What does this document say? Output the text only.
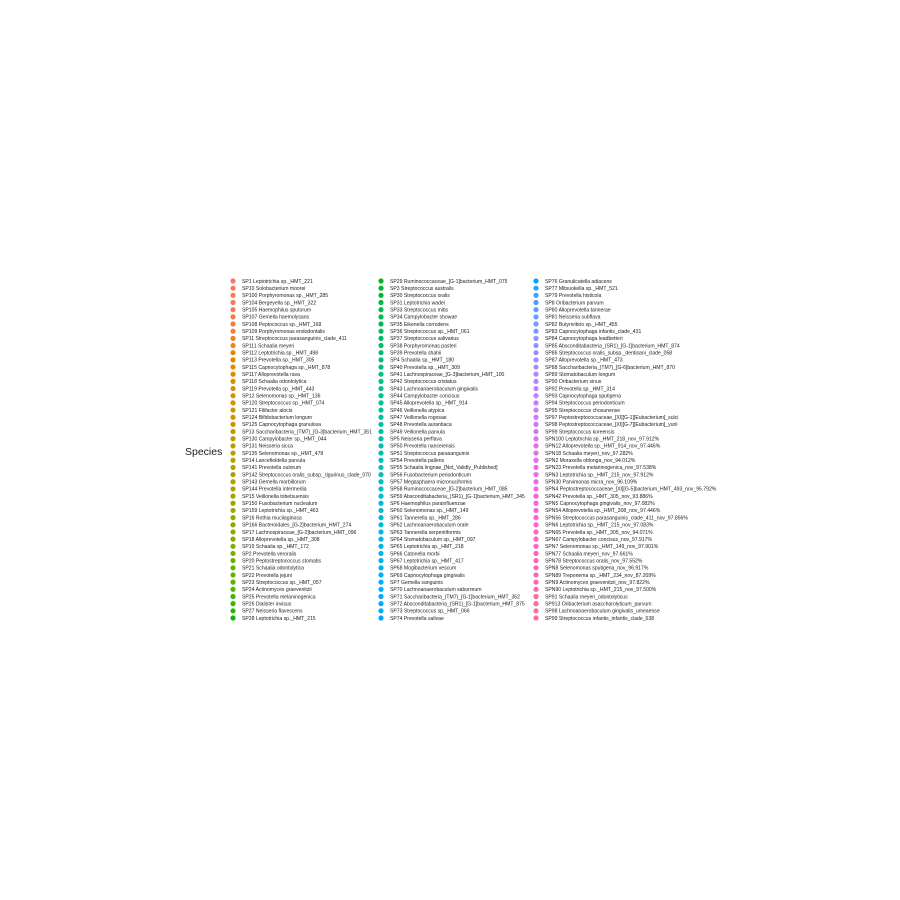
Species
SP1 Leptotrichia sp._HMT_221
SP10 Solobacterium moorei
SP100 Porphyromonas sp._HMT_285
SP104 Bergeyella sp._HMT_322
SP105 Haemophilus sputorum
SP107 Gemella haemolysans
SP108 Peptococcus sp._HMT_168
SP109 Porphyromonas endodontalis
SP11 Streptococcus parasanguinis_clade_411
SP111 Schaalia meyeri
SP112 Leptotrichia sp._HMT_498
SP113 Prevotella sp._HMT_305
SP115 Capnocytophaga sp._HMT_878
SP117 Alloprevotella rava
SP118 Schaalia odontolytica
SP119 Prevotella sp._HMT_443
SP12 Selenomonas sp._HMT_136
SP120 Streptococcus sp._HMT_074
SP121 Filifactor alocis
SP124 Bifidobacterium longum
SP125 Capnocytophaga granulosa
SP13 Saccharibacteria_(TM7)_[G-3]bacterium_HMT_351
SP130 Campylobacter sp._HMT_044
SP131 Neisseria sicca
SP135 Selenomonas sp._HMT_478
SP14 Lancefieldella parvula
SP141 Prevotella oulorum
SP142 Streptococcus oralis_subsp._tigurinus_clade_070
SP143 Gemella morbillorum
SP144 Prevotella intermedia
SP15 Veillonella tobetsuensis
SP150 Fusobacterium nucleatum
SP159 Leptotrichia sp._HMT_463
SP16 Rothia mucilaginosa
SP166 Bacteroidales_[G-2]bacterium_HMT_274
SP17 Lachnospiraceae_[G-2]bacterium_HMT_096
SP18 Alloprevotella sp._HMT_308
SP19 Schaalia sp._HMT_172
SP2 Prevotella veroralis
SP20 Peptostreptococcus stomatis
SP21 Schaalia odontolytica
SP22 Prevotella jejuni
SP23 Streptococcus sp._HMT_057
SP24 Actinomyces graevenitzii
SP25 Prevotella melaninogenica
SP26 Dialister invisus
SP27 Neisseria flavescens
SP28 Leptotrichia sp._HMT_215
SP29 Ruminococcaceae_[G-1]bacterium_HMT_075
SP3 Streptococcus australis
SP30 Streptococcus oralis
SP31 Leptotrichia wadei
SP33 Streptococcus mitis
SP34 Campylobacter showae
SP35 Eikenella corrodens
SP36 Streptococcus sp._HMT_061
SP37 Streptococcus salivarius
SP38 Porphyromonas pasteri
SP39 Prevotella shahii
SP4 Schaalia sp._HMT_180
SP40 Prevotella sp._HMT_309
SP41 Lachnospiraceae_[G-3]bacterium_HMT_100
SP42 Streptococcus cristatus
SP43 Lachnoanaerobaculum gingivalis
SP44 Campylobacter concisus
SP45 Alloprevotella sp._HMT_914
SP46 Veillonella atypica
SP47 Veillonella rogosae
SP48 Prevotella aurantiaca
SP49 Veillonella parvula
SP5 Neisseria perflava
SP50 Prevotella nanceiensis
SP51 Streptococcus parasanguinis
SP54 Prevotella pallens
SP55 Schaalia lingnae_[Not_Validly_Published]
SP56 Fusobacterium periodonticum
SP57 Megasphaera micronuciformis
SP58 Ruminococcaceae_[G-2]bacterium_HMT_085
SP59 Absconditabacteria_(SR1)_[G-1]bacterium_HMT_345
SP6 Haemophilus parainfluenzae
SP60 Selenomonas sp._HMT_149
SP61 Tannerella sp._HMT_286
SP62 Lachnoanaerobaculum orale
SP63 Tannerella serpentiformis
SP64 Stomatobaculum sp._HMT_097
SP65 Leptotrichia sp._HMT_218
SP66 Catonella morbi
SP67 Leptotrichia sp._HMT_417
SP68 Mogibacterium vescum
SP69 Capnocytophaga gingivalis
SP7 Gemella sanguinis
SP70 Lachnoanaerobaculum saburreum
SP71 Saccharibacteria_(TM7)_[G-1]bacterium_HMT_352
SP72 Absconditabacteria_(SR1)_[G-1]bacterium_HMT_875
SP73 Streptococcus sp._HMT_066
SP74 Prevotella salivae
SP76 Granulicatella adiacens
SP77 Mitsuokella sp._HMT_521
SP79 Prevotella histicola
SP8 Oribacterium parvum
SP80 Alloprevotella tannerae
SP81 Neisseria subflava
SP82 Butyrivibrio sp._HMT_455
SP83 Capnocytophaga infantis_clade_431
SP84 Capnocytophaga leadbetteri
SP85 Absconditabacteria_(SR1)_[G-1]bacterium_HMT_874
SP86 Streptococcus oralis_subsp._dentisani_clade_058
SP87 Alloprevotella sp._HMT_473
SP88 Saccharibacteria_(TM7)_[G-6]bacterium_HMT_870
SP89 Stomatobaculum longum
SP90 Oribacterium sinus
SP92 Prevotella sp._HMT_314
SP93 Capnocytophaga sputigena
SP94 Streptococcus periodonticum
SP95 Streptococcus chosunense
SP97 Peptostreptococcaceae_[XI][G-1][Eubacterium]_sulci
SP98 Peptostreptococcaceae_[XI][G-7][Eubacterium]_yurii
SP99 Streptococcus koreensis
SPN100 Leptotrichia sp._HMT_218_nov_97.912%
SPN12 Alloprevotella sp._HMT_914_nov_97.446%
SPN18 Schaalia meyeri_nov_97.282%
SPN2 Moraxella oblonga_nov_94.012%
SPN23 Prevotella melaninogenica_nov_97.538%
SPN3 Leptotrichia sp._HMT_215_nov_97.912%
SPN30 Parvimonas micra_nov_96.109%
SPN4 Peptostreptococcaceae_[XI][G-5]bacterium_HMT_493_nov_95.792%
SPN42 Prevotella sp._HMT_305_nov_93.886%
SPN5 Capnocytophaga gingivalis_nov_97.082%
SPN54 Alloprevotella sp._HMT_308_nov_97.446%
SPN56 Streptococcus parasanguinis_clade_411_nov_97.856%
SPN6 Leptotrichia sp._HMT_215_nov_97.083%
SPN65 Prevotella sp._HMT_305_nov_94.071%
SPN67 Campylobacter concisus_nov_97.917%
SPN7 Selenomonas sp._HMT_149_nov_97.901%
SPN77 Schaalia meyeri_nov_97.661%
SPN78 Streptococcus oralis_nov_97.552%
SPN8 Selenomonas sputigena_nov_96.917%
SPN89 Treponema sp._HMT_234_nov_87.209%
SPN9 Actinomyces graevenitzii_nov_97.822%
SPN90 Leptotrichia sp._HMT_215_nov_97.500%
SP91 Schaalia meyeri_odontolyticus
SP913 Oribacterium asaccharolyticum_parvum
SP98 Lachnoanaerobaculum gingivalis_umeaense
SP99 Streptococcus infantis_infantis_clade_638
